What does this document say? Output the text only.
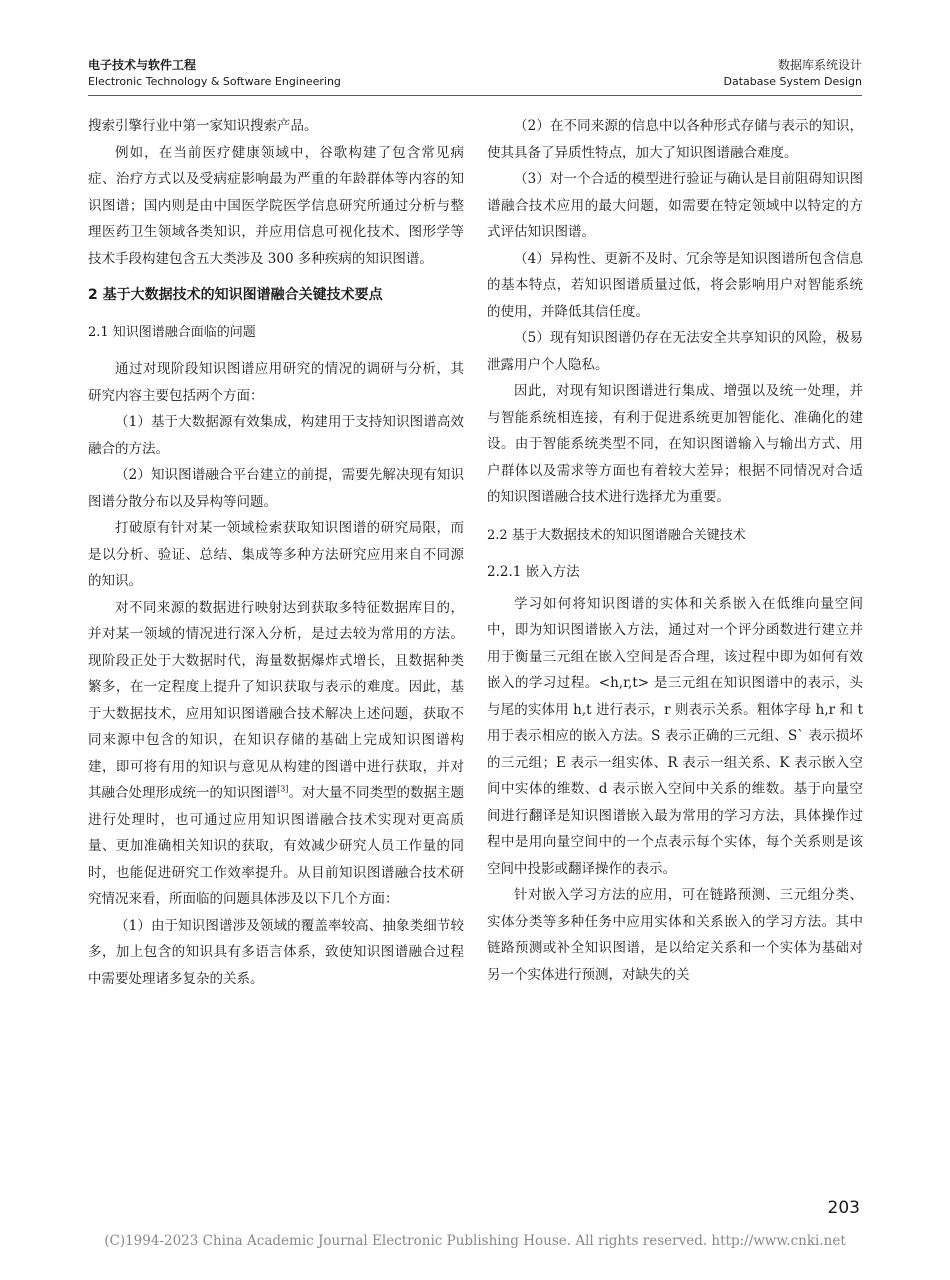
电子技术与软件工程
Electronic Technology & Software Engineering
数据库系统设计
Database System Design

搜索引擎行业中第一家知识搜索产品。

例如，在当前医疗健康领域中，谷歌构建了包含常见病症、治疗方式以及受病症影响最为严重的年龄群体等内容的知识图谱；国内则是由中国医学院医学信息研究所通过分析与整理医药卫生领域各类知识，并应用信息可视化技术、图形学等技术手段构建包含五大类涉及 300 多种疾病的知识图谱。

2 基于大数据技术的知识图谱融合关键技术要点
2.1 知识图谱融合面临的问题

通过对现阶段知识图谱应用研究的情况的调研与分析，其研究内容主要包括两个方面：

（1）基于大数据源有效集成，构建用于支持知识图谱高效融合的方法。

（2）知识图谱融合平台建立的前提，需要先解决现有知识图谱分散分布以及异构等问题。

打破原有针对某一领域检索获取知识图谱的研究局限，而是以分析、验证、总结、集成等多种方法研究应用来自不同源的知识。

对不同来源的数据进行映射达到获取多特征数据库目的，并对某一领域的情况进行深入分析，是过去较为常用的方法。现阶段正处于大数据时代，海量数据爆炸式增长，且数据种类繁多，在一定程度上提升了知识获取与表示的难度。因此，基于大数据技术，应用知识图谱融合技术解决上述问题，获取不同来源中包含的知识，在知识存储的基础上完成知识图谱构建，即可将有用的知识与意见从构建的图谱中进行获取，并对其融合处理形成统一的知识图谱[3]。对大量不同类型的数据主题进行处理时，也可通过应用知识图谱融合技术实现对更高质量、更加准确相关知识的获取，有效减少研究人员工作量的同时，也能促进研究工作效率提升。从目前知识图谱融合技术研究情况来看，所面临的问题具体涉及以下几个方面：

（1）由于知识图谱涉及领域的覆盖率较高、抽象类细节较多，加上包含的知识具有多语言体系，致使知识图谱融合过程中需要处理诸多复杂的关系。

（2）在不同来源的信息中以各种形式存储与表示的知识，使其具备了异质性特点，加大了知识图谱融合难度。

（3）对一个合适的模型进行验证与确认是目前阻碍知识图谱融合技术应用的最大问题，如需要在特定领域中以特定的方式评估知识图谱。

（4）异构性、更新不及时、冗余等是知识图谱所包含信息的基本特点，若知识图谱质量过低，将会影响用户对智能系统的使用，并降低其信任度。

（5）现有知识图谱仍存在无法安全共享知识的风险，极易泄露用户个人隐私。

因此，对现有知识图谱进行集成、增强以及统一处理，并与智能系统相连接，有利于促进系统更加智能化、准确化的建设。由于智能系统类型不同，在知识图谱输入与输出方式、用户群体以及需求等方面也有着较大差异；根据不同情况对合适的知识图谱融合技术进行选择尤为重要。

2.2 基于大数据技术的知识图谱融合关键技术
2.2.1 嵌入方法

学习如何将知识图谱的实体和关系嵌入在低维向量空间中，即为知识图谱嵌入方法，通过对一个评分函数进行建立并用于衡量三元组在嵌入空间是否合理，该过程中即为如何有效嵌入的学习过程。<h,r,t> 是三元组在知识图谱中的表示，头与尾的实体用 h,t 进行表示，r 则表示关系。粗体字母 h,r 和 t 用于表示相应的嵌入方法。S 表示正确的三元组、S` 表示损坏的三元组；E 表示一组实体、R 表示一组关系、K 表示嵌入空间中实体的维数、d 表示嵌入空间中关系的维数。基于向量空间进行翻译是知识图谱嵌入最为常用的学习方法，具体操作过程中是用向量空间中的一个点表示每个实体，每个关系则是该空间中投影或翻译操作的表示。

针对嵌入学习方法的应用，可在链路预测、三元组分类、实体分类等多种任务中应用实体和关系嵌入的学习方法。其中链路预测或补全知识图谱，是以给定关系和一个实体为基础对另一个实体进行预测，对缺失的关

203
(C)1994-2023 China Academic Journal Electronic Publishing House. All rights reserved. http://www.cnki.net
